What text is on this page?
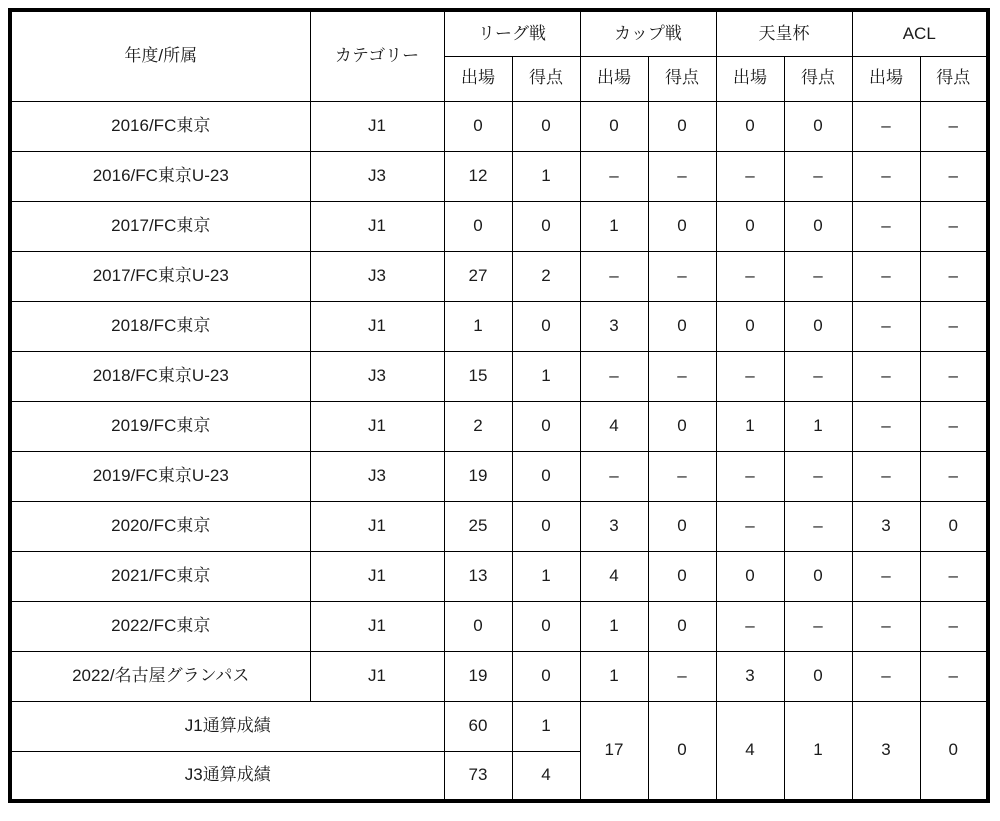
年度/所属	カテゴリー	リーグ戦		カップ戦		天皇杯		ACL	
		出場	得点	出場	得点	出場	得点	出場	得点
2016/FC東京	J1	0	0	0	0	0	0	–	–
2016/FC東京U-23	J3	12	1	–	–	–	–	–	–
2017/FC東京	J1	0	0	1	0	0	0	–	–
2017/FC東京U-23	J3	27	2	–	–	–	–	–	–
2018/FC東京	J1	1	0	3	0	0	0	–	–
2018/FC東京U-23	J3	15	1	–	–	–	–	–	–
2019/FC東京	J1	2	0	4	0	1	1	–	–
2019/FC東京U-23	J3	19	0	–	–	–	–	–	–
2020/FC東京	J1	25	0	3	0	–	–	3	0
2021/FC東京	J1	13	1	4	0	0	0	–	–
2022/FC東京	J1	0	0	1	0	–	–	–	–
2022/名古屋グランパス	J1	19	0	1	–	3	0	–	–
J1通算成績		60	1	17	0	4	1	3	0
J3通算成績		73	4						
